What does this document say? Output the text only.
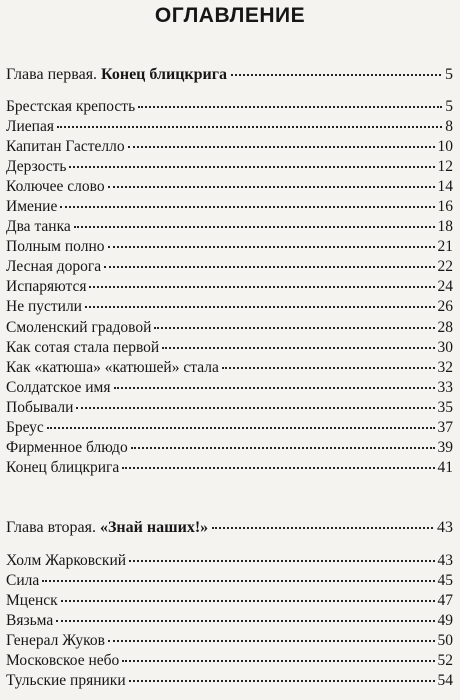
ОГЛАВЛЕНИЕ
Глава первая. Конец блицкрига	5
Брестская крепость	5
Лиепая	8
Капитан Гастелло	10
Дерзость	12
Колючее слово	14
Имение	16
Два танка	18
Полным полно	21
Лесная дорога	22
Испаряются	24
Не пустили	26
Смоленский градовой	28
Как сотая стала первой	30
Как «катюша» «катюшей» стала	32
Солдатское имя	33
Побывали	35
Бреус	37
Фирменное блюдо	39
Конец блицкрига	41
Глава вторая. «Знай наших!»	43
Холм Жарковский	43
Сила	45
Мценск	47
Вязьма	49
Генерал Жуков	50
Московское небо	52
Тульские пряники	54
